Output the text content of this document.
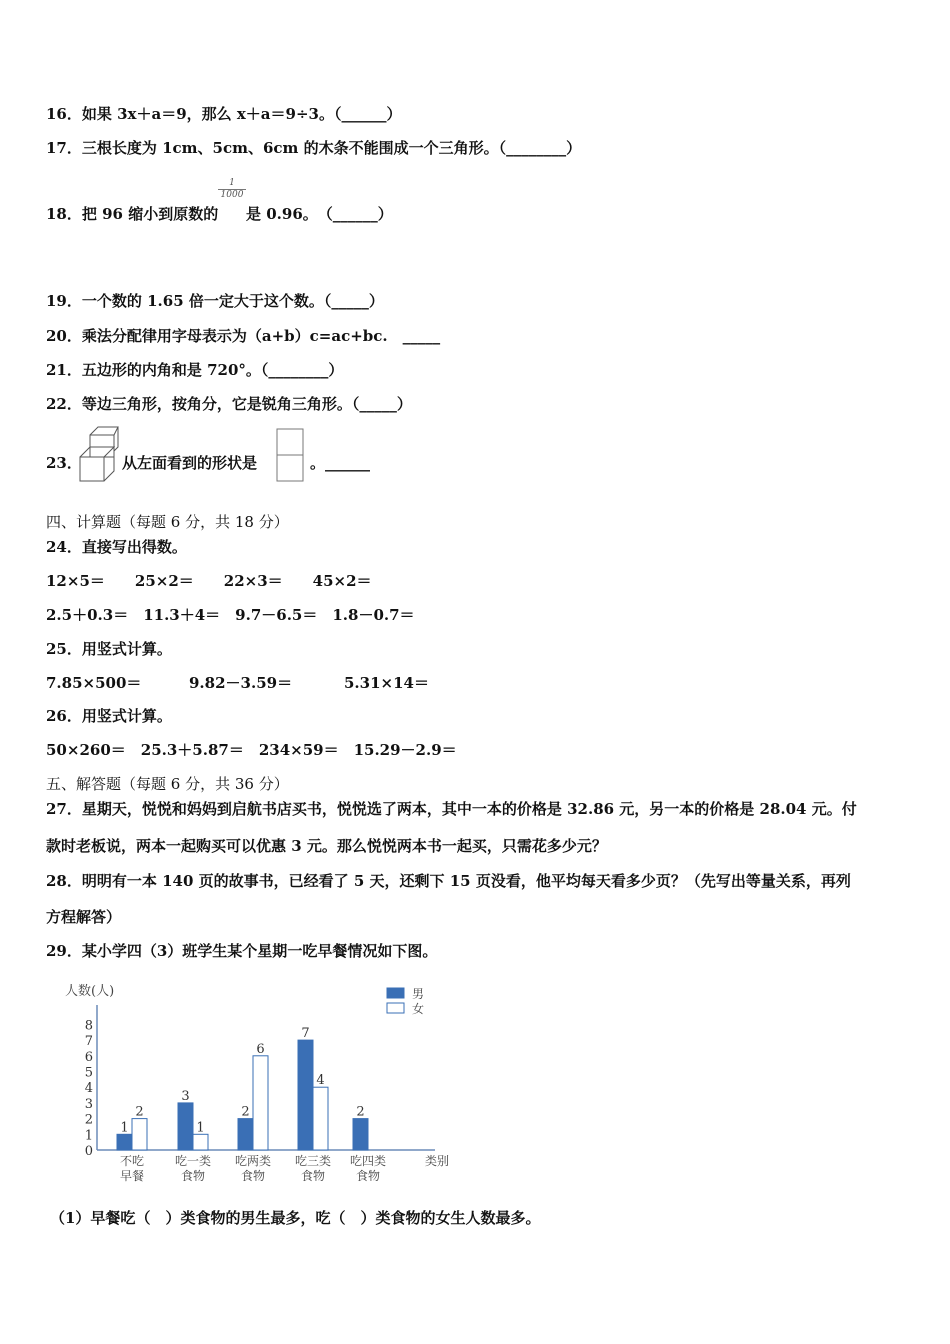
16．如果 3x＋a＝9，那么 x＋a＝9÷3。（______）
17．三根长度为 1cm、5cm、6cm 的木条不能围成一个三角形。（________）
18．把 96 缩小到原数的
$\frac{1}{1000}$
是 0.96。　（______）
19．一个数的 1.65 倍一定大于这个数。（_____）
20．乘法分配律用字母表示为（a+b）c=ac+bc.　_____
21．五边形的内角和是 720°。（________）
22．等边三角形，按角分，它是锐角三角形。（_____）
23．	从左面看到的形状是	。______
四、计算题（每题 6 分，共 18 分）
24．直接写出得数。
12×5＝　　25×2＝　　22×3＝　　45×2＝
2.5＋0.3＝　11.3＋4＝　9.7－6.5＝　1.8－0.7＝
25．用竖式计算。
7.85×500＝	9.82－3.59＝	5.31×14＝
26．用竖式计算。
50×260＝　25.3＋5.87＝　234×59＝　15.29－2.9＝
五、解答题（每题 6 分，共 36 分）
27．星期天，悦悦和妈妈到启航书店买书，悦悦选了两本，其中一本的价格是 32.86 元，另一本的价格是 28.04 元。付
款时老板说，两本一起购买可以优惠 3 元。那么悦悦两本书一起买，只需花多少元？
28．明明有一本 140 页的故事书，已经看了 5 天，还剩下 15 页没看，他平均每天看多少页？（先写出等量关系，再列
方程解答）
29．某小学四（3）班学生某个星期一吃早餐情况如下图。
人数(人)
0
1
2
3
4
5
6
7
8
不吃
早餐
1
2
吃一类
食物
3
1
吃两类
食物
2
6
吃三类
食物
7
4
吃四类
食物
2
类别
男
女
（1）早餐吃（　）类食物的男生最多，吃（　）类食物的女生人数最多。
